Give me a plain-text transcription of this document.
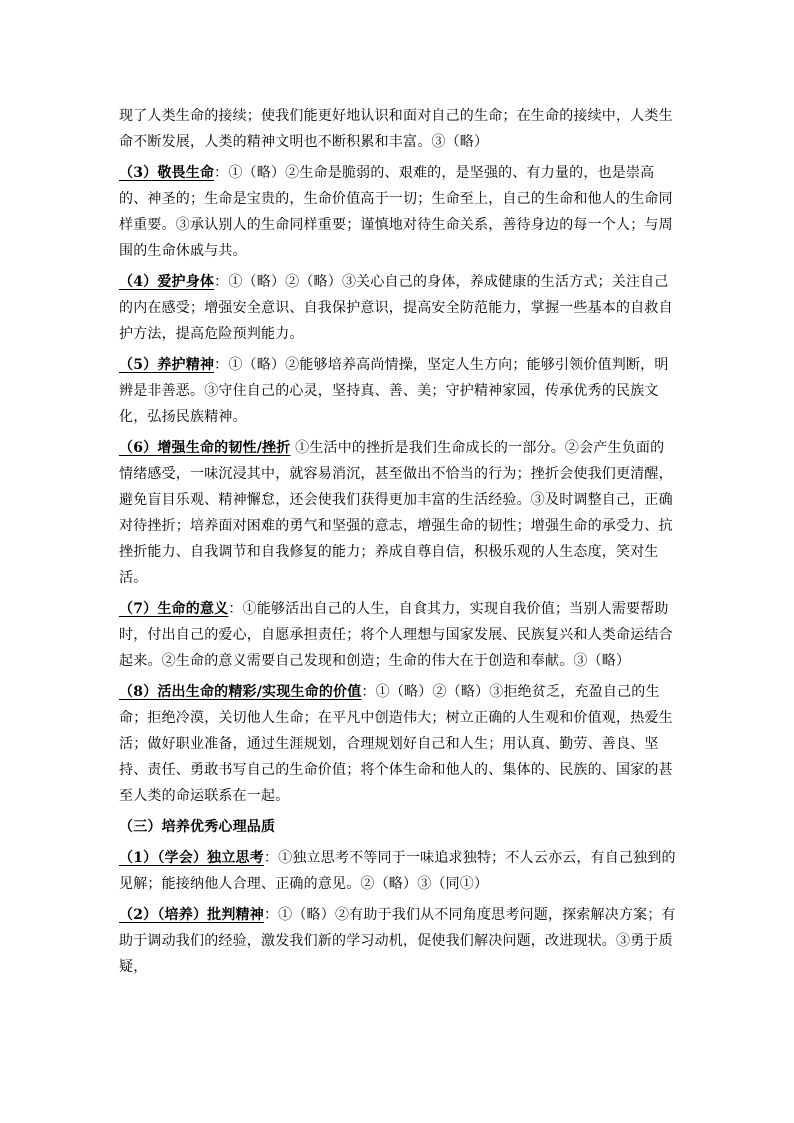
现了人类生命的接续；使我们能更好地认识和面对自己的生命；在生命的接续中，人类生命不断发展，人类的精神文明也不断积累和丰富。③（略）

（3）敬畏生命：①（略）②生命是脆弱的、艰难的，是坚强的、有力量的，也是崇高的、神圣的；生命是宝贵的，生命价值高于一切；生命至上，自己的生命和他人的生命同样重要。③承认别人的生命同样重要；谨慎地对待生命关系，善待身边的每一个人；与周围的生命休戚与共。

（4）爱护身体：①（略）②（略）③关心自己的身体，养成健康的生活方式；关注自己的内在感受；增强安全意识、自我保护意识，提高安全防范能力，掌握一些基本的自救自护方法，提高危险预判能力。

（5）养护精神：①（略）②能够培养高尚情操，坚定人生方向；能够引领价值判断，明辨是非善恶。③守住自己的心灵，坚持真、善、美；守护精神家园，传承优秀的民族文化，弘扬民族精神。

（6）增强生命的韧性/挫折 ①生活中的挫折是我们生命成长的一部分。②会产生负面的情绪感受，一味沉浸其中，就容易消沉，甚至做出不恰当的行为；挫折会使我们更清醒，避免盲目乐观、精神懈怠，还会使我们获得更加丰富的生活经验。③及时调整自己，正确对待挫折；培养面对困难的勇气和坚强的意志，增强生命的韧性；增强生命的承受力、抗挫折能力、自我调节和自我修复的能力；养成自尊自信，积极乐观的人生态度，笑对生活。

（7）生命的意义：①能够活出自己的人生，自食其力，实现自我价值；当别人需要帮助时，付出自己的爱心，自愿承担责任；将个人理想与国家发展、民族复兴和人类命运结合起来。②生命的意义需要自己发现和创造；生命的伟大在于创造和奉献。③（略）

（8）活出生命的精彩/实现生命的价值：①（略）②（略）③拒绝贫乏，充盈自己的生命；拒绝冷漠，关切他人生命；在平凡中创造伟大；树立正确的人生观和价值观，热爱生活；做好职业准备，通过生涯规划，合理规划好自己和人生；用认真、勤劳、善良、坚持、责任、勇敢书写自己的生命价值；将个体生命和他人的、集体的、民族的、国家的甚至人类的命运联系在一起。

（三）培养优秀心理品质

（1）（学会）独立思考：①独立思考不等同于一味追求独特；不人云亦云，有自己独到的见解；能接纳他人合理、正确的意见。②（略）③（同①）

（2）（培养）批判精神：①（略）②有助于我们从不同角度思考问题，探索解决方案；有助于调动我们的经验，激发我们新的学习动机，促使我们解决问题，改进现状。③勇于质疑，
